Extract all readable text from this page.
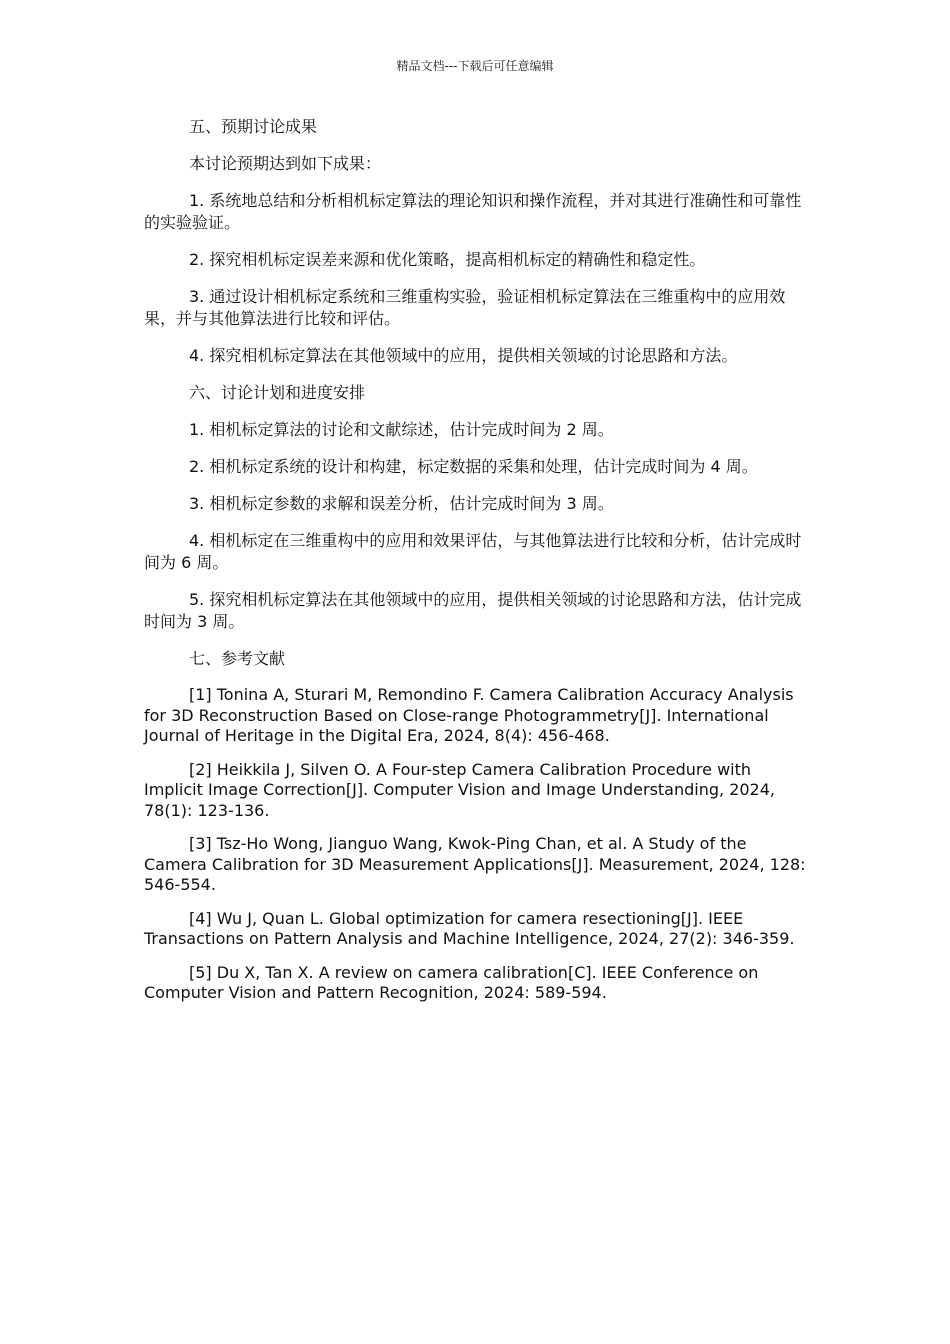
精品文档---下载后可任意编辑

五、预期讨论成果

本讨论预期达到如下成果：

1. 系统地总结和分析相机标定算法的理论知识和操作流程，并对其进行准确性和可靠性的实验验证。

2. 探究相机标定误差来源和优化策略，提高相机标定的精确性和稳定性。

3. 通过设计相机标定系统和三维重构实验，验证相机标定算法在三维重构中的应用效果，并与其他算法进行比较和评估。

4. 探究相机标定算法在其他领域中的应用，提供相关领域的讨论思路和方法。

六、讨论计划和进度安排

1. 相机标定算法的讨论和文献综述，估计完成时间为 2 周。

2. 相机标定系统的设计和构建，标定数据的采集和处理，估计完成时间为 4 周。

3. 相机标定参数的求解和误差分析，估计完成时间为 3 周。

4. 相机标定在三维重构中的应用和效果评估，与其他算法进行比较和分析，估计完成时间为 6 周。

5. 探究相机标定算法在其他领域中的应用，提供相关领域的讨论思路和方法，估计完成时间为 3 周。

七、参考文献

[1] Tonina A, Sturari M, Remondino F. Camera Calibration Accuracy Analysis for 3D Reconstruction Based on Close-range Photogrammetry[J]. International Journal of Heritage in the Digital Era, 2024, 8(4): 456-468.

[2] Heikkila J, Silven O. A Four-step Camera Calibration Procedure with Implicit Image Correction[J]. Computer Vision and Image Understanding, 2024, 78(1): 123-136.

[3] Tsz-Ho Wong, Jianguo Wang, Kwok-Ping Chan, et al. A Study of the Camera Calibration for 3D Measurement Applications[J]. Measurement, 2024, 128: 546-554.

[4] Wu J, Quan L. Global optimization for camera resectioning[J]. IEEE Transactions on Pattern Analysis and Machine Intelligence, 2024, 27(2): 346-359.

[5] Du X, Tan X. A review on camera calibration[C]. IEEE Conference on Computer Vision and Pattern Recognition, 2024: 589-594.
